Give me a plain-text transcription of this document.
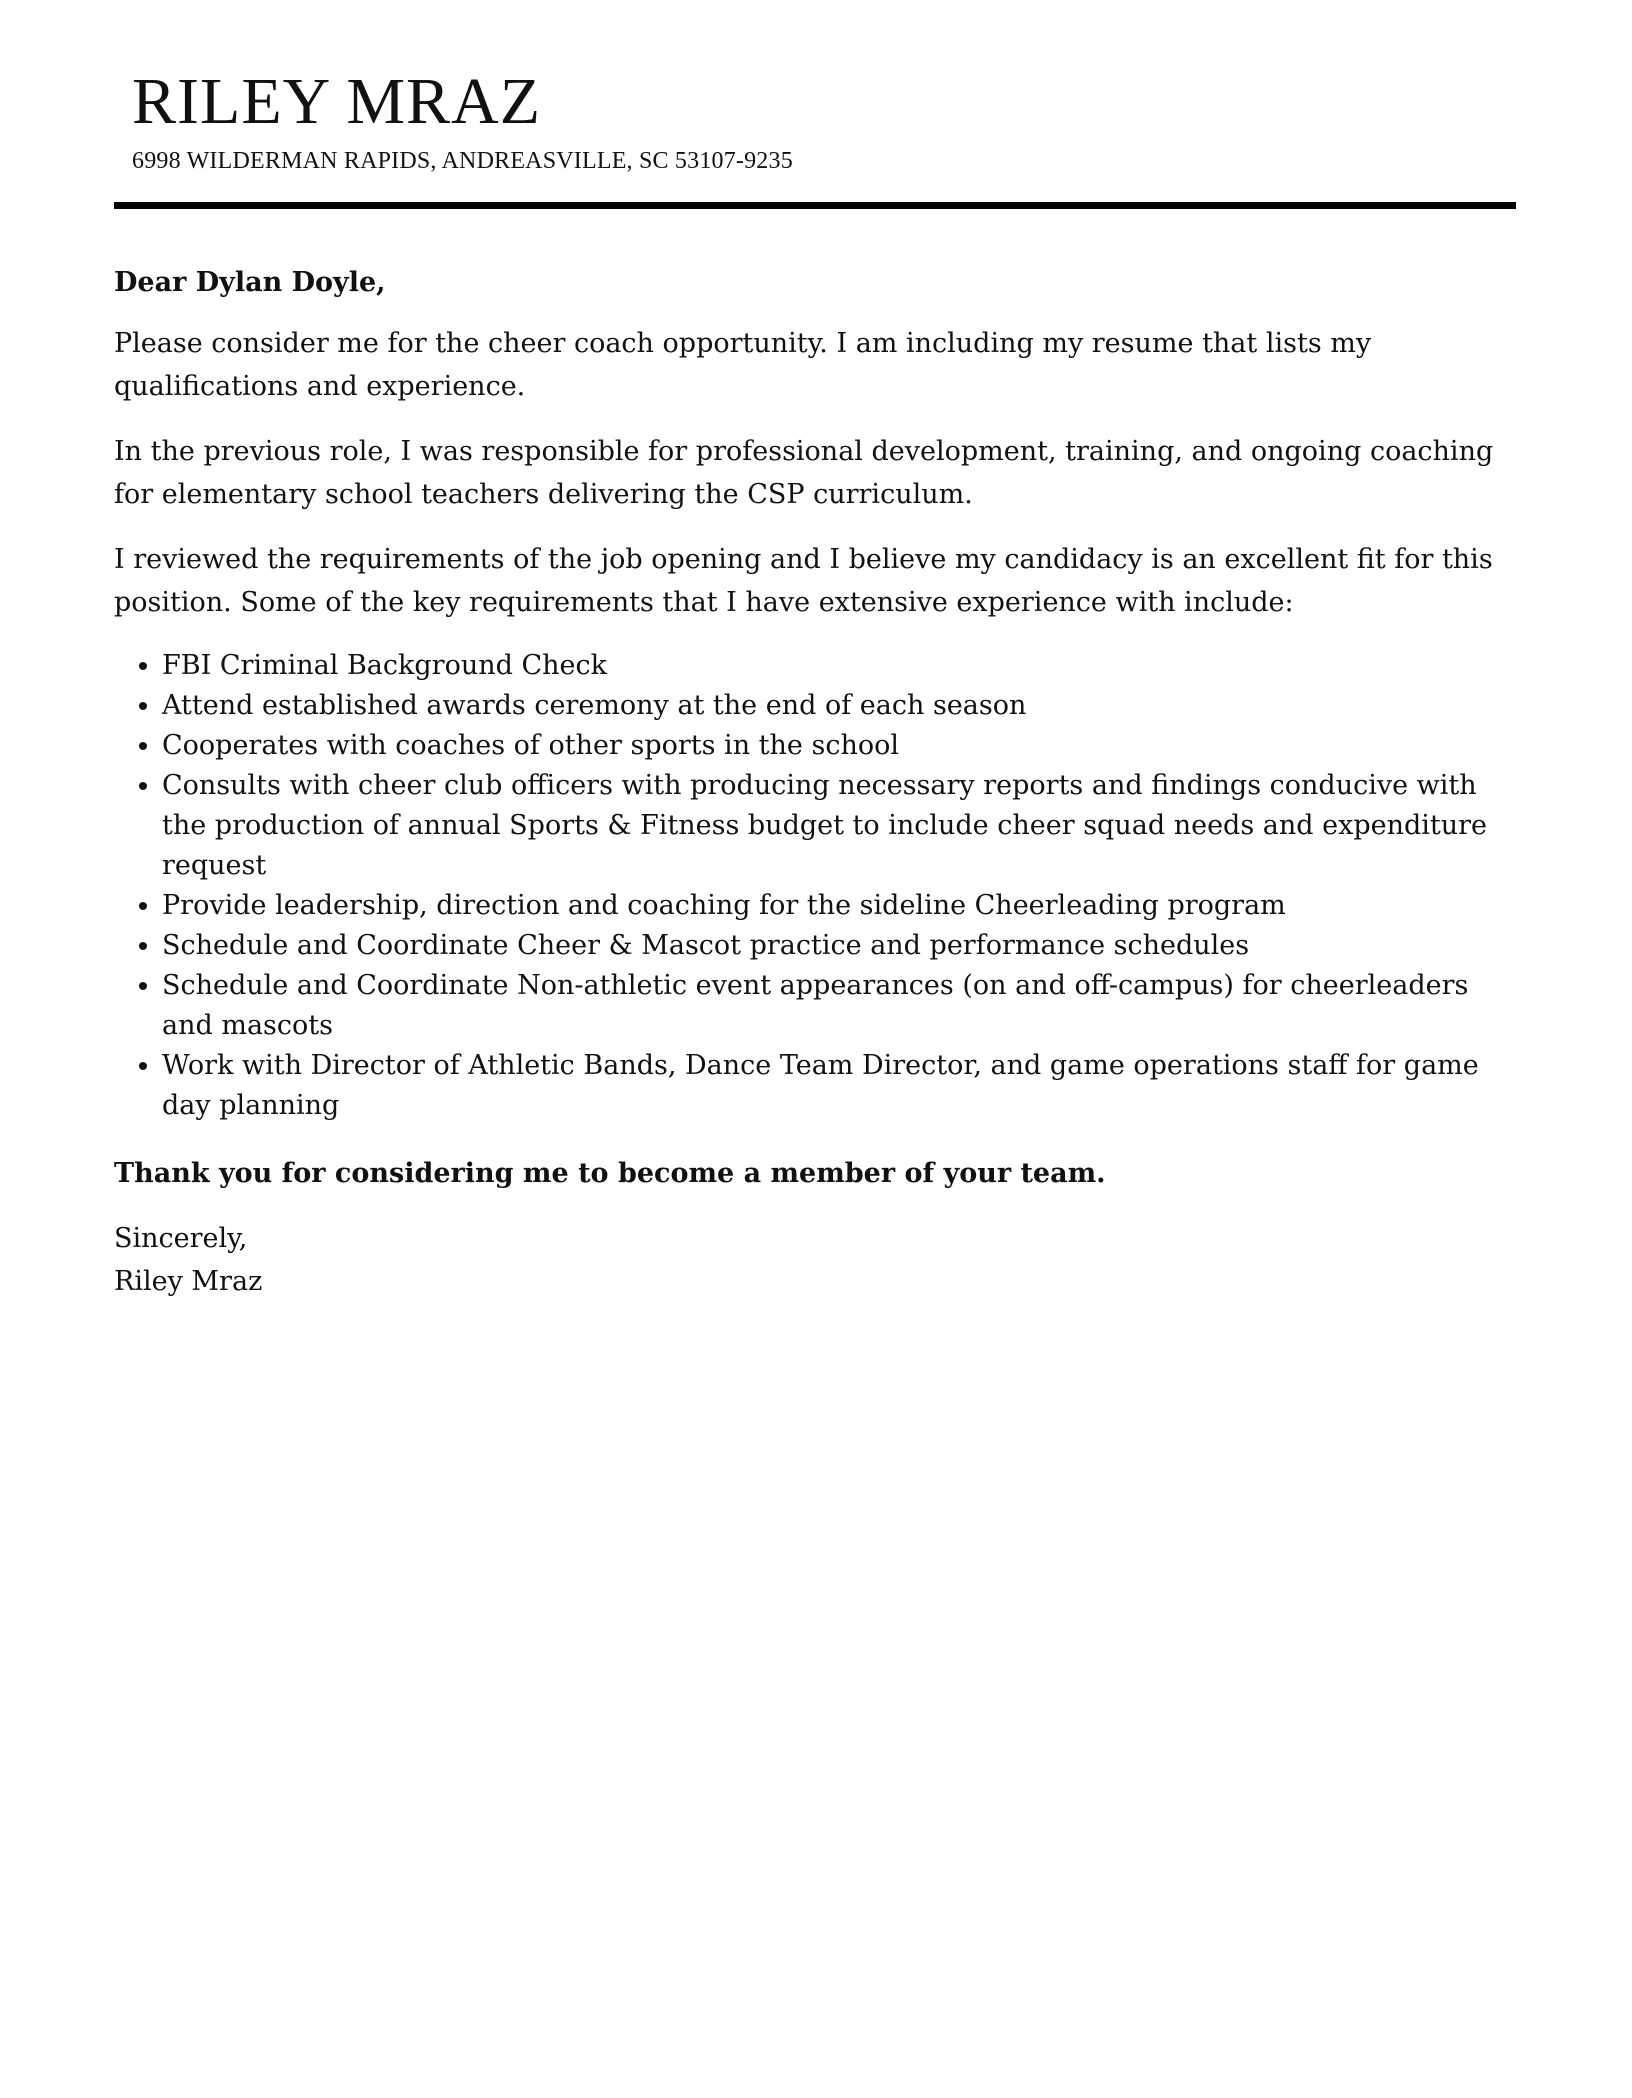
RILEY MRAZ
6998 WILDERMAN RAPIDS, ANDREASVILLE, SC 53107-9235

Dear Dylan Doyle,

Please consider me for the cheer coach opportunity. I am including my resume that lists my qualifications and experience.

In the previous role, I was responsible for professional development, training, and ongoing coaching for elementary school teachers delivering the CSP curriculum.

I reviewed the requirements of the job opening and I believe my candidacy is an excellent fit for this position. Some of the key requirements that I have extensive experience with include:

• FBI Criminal Background Check
• Attend established awards ceremony at the end of each season
• Cooperates with coaches of other sports in the school
• Consults with cheer club officers with producing necessary reports and findings conducive with the production of annual Sports & Fitness budget to include cheer squad needs and expenditure request
• Provide leadership, direction and coaching for the sideline Cheerleading program
• Schedule and Coordinate Cheer & Mascot practice and performance schedules
• Schedule and Coordinate Non-athletic event appearances (on and off-campus) for cheerleaders and mascots
• Work with Director of Athletic Bands, Dance Team Director, and game operations staff for game day planning

Thank you for considering me to become a member of your team.

Sincerely,

Riley Mraz
